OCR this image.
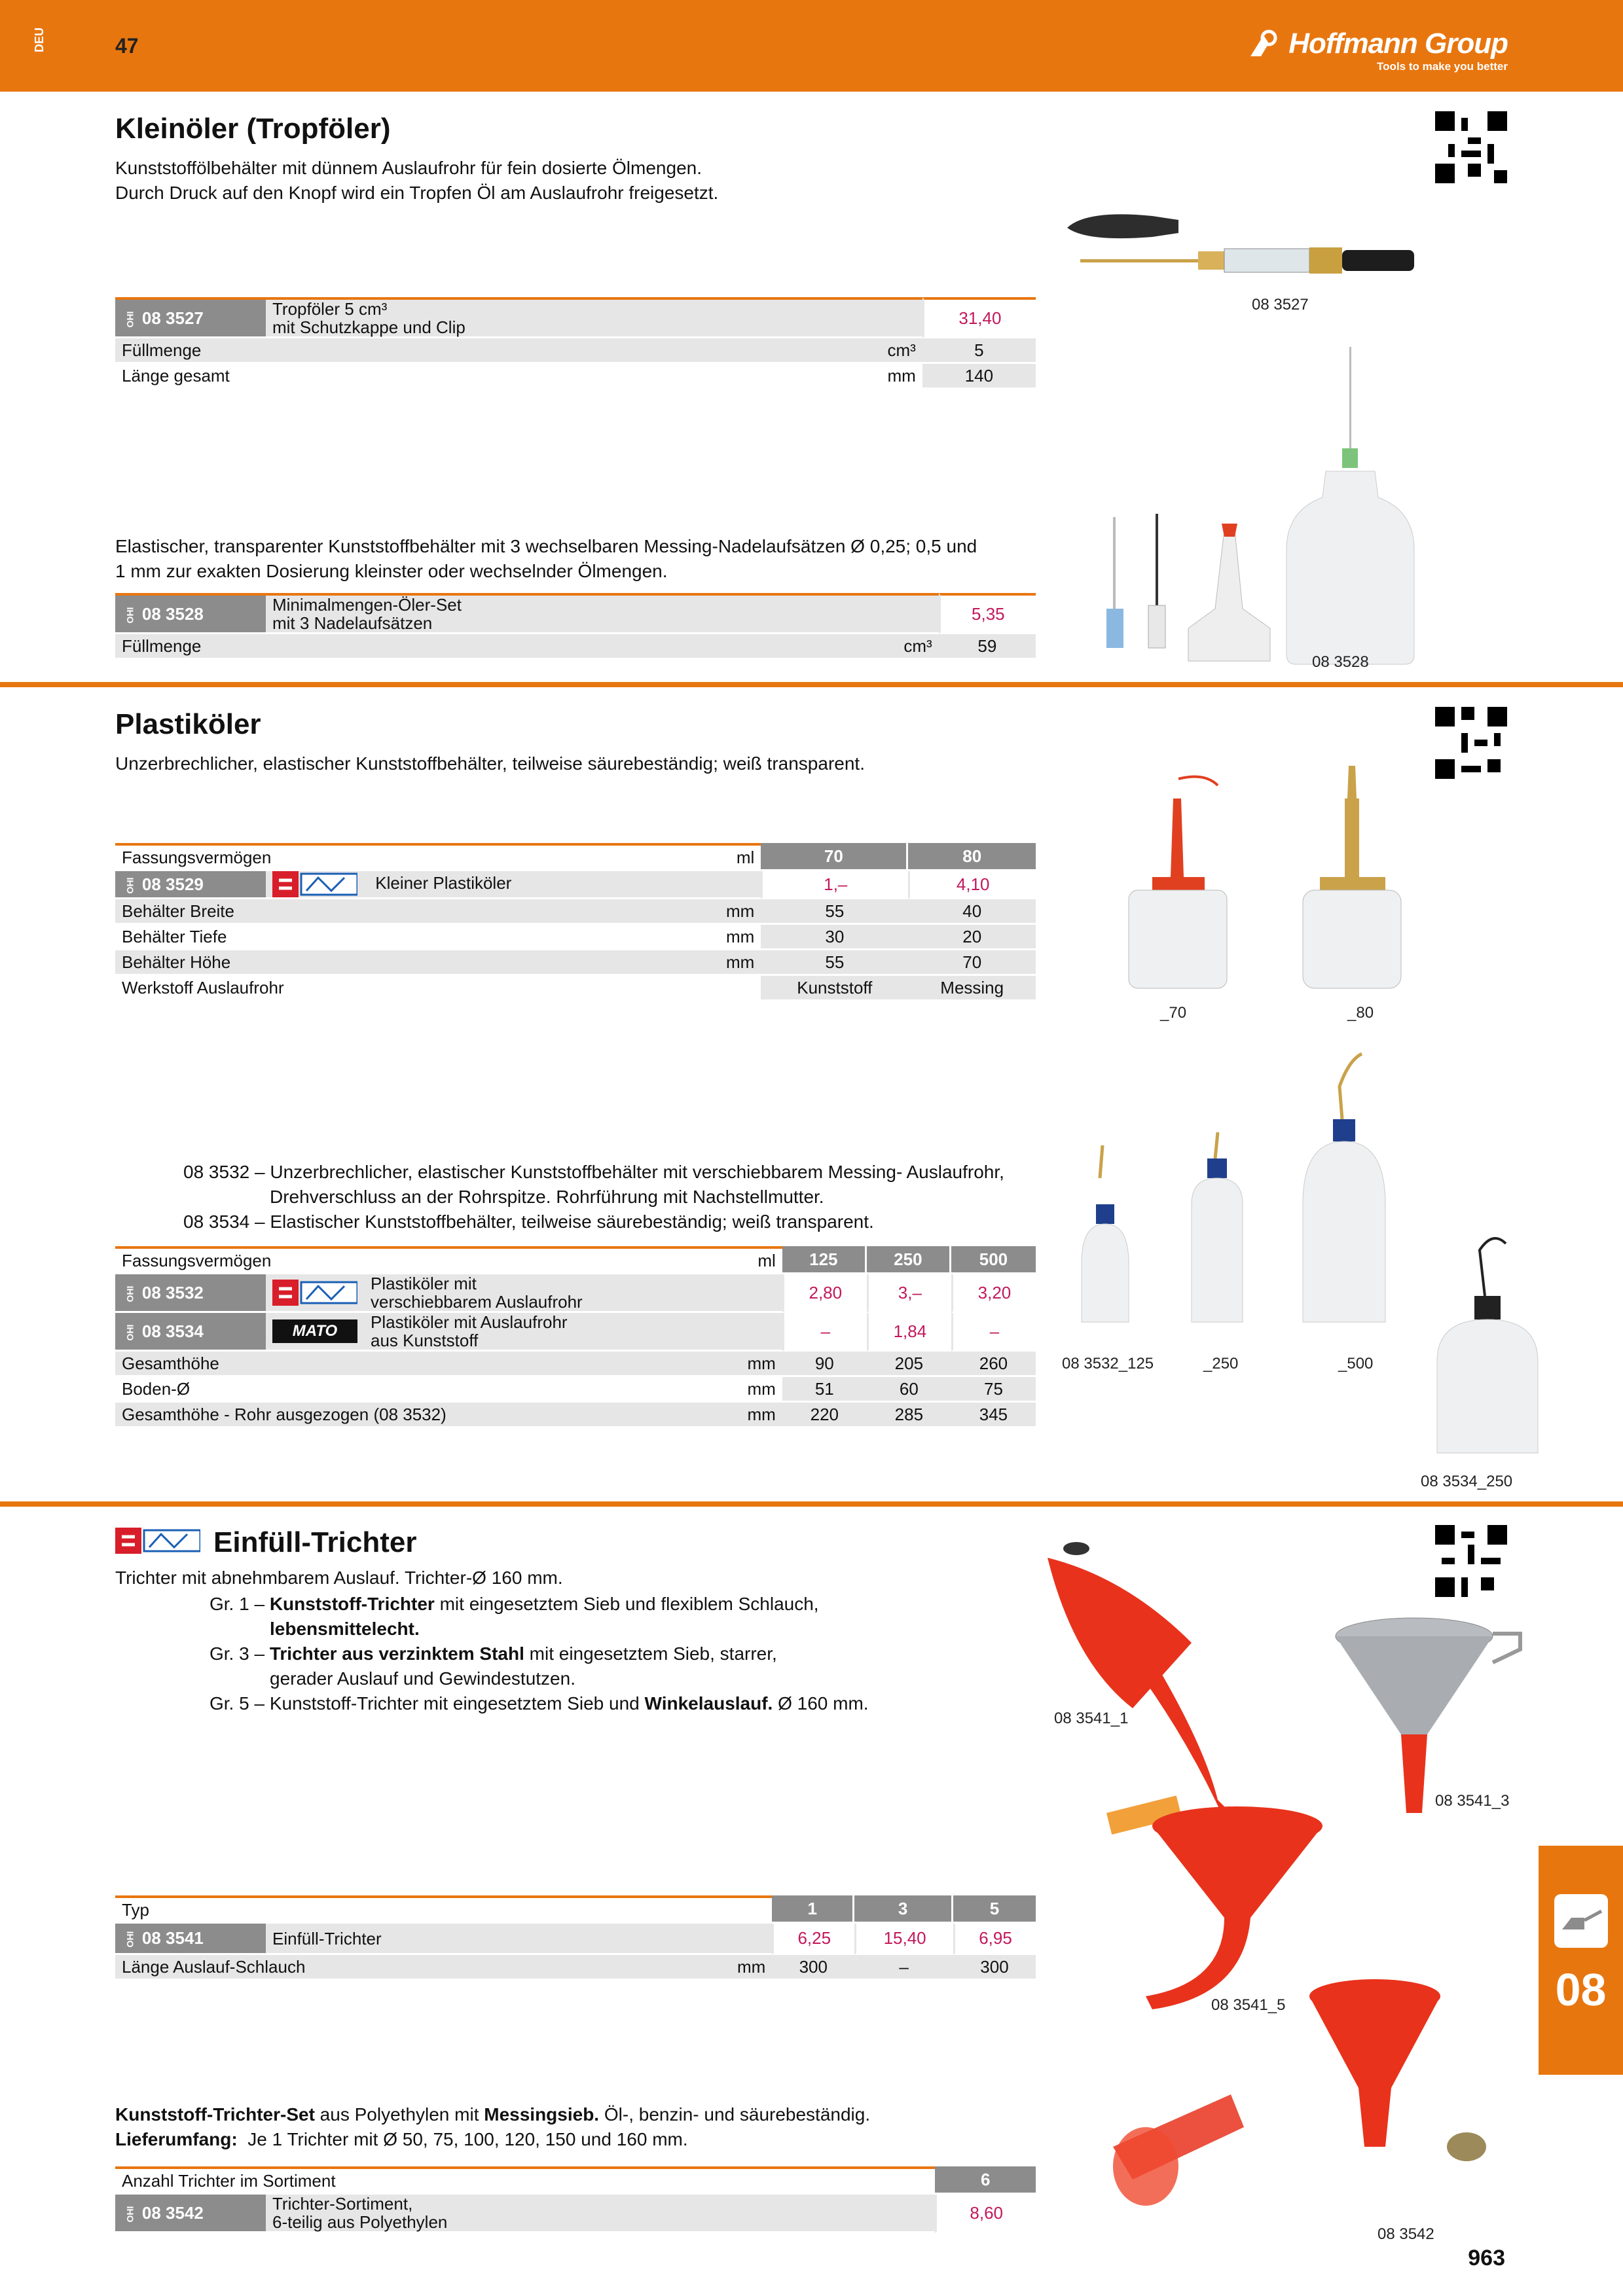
DEU	47	Hoffmann Group
Tools to make you better
Kleinöler (Tropföler)
Kunststoffölbehälter mit dünnem Auslaufrohr für fein dosierte Ölmengen.
Durch Druck auf den Knopf wird ein Tropfen Öl am Auslaufrohr freigesetzt.
08 3527
OHI 08 3527	Tropföler 5 cm³
mit Schutzkappe und Clip	31,40
Füllmenge	cm³	5
Länge gesamt	mm	140
Elastischer, transparenter Kunststoffbehälter mit 3 wechselbaren Messing-Nadelaufsätzen Ø 0,25; 0,5 und
1 mm zur exakten Dosierung kleinster oder wechselnder Ölmengen.
08 3528
OHI 08 3528	Minimalmengen-Öler-Set
mit 3 Nadelaufsätzen	5,35
Füllmenge	cm³	59
Plastiköler
Unzerbrechlicher, elastischer Kunststoffbehälter, teilweise säurebeständig; weiß transparent.
_70	_80
Fassungsvermögen		ml	70	80
OHI 08 3529	Kleiner Plastiköler		1,–	4,10
Behälter Breite		mm	55	40
Behälter Tiefe		mm	30	20
Behälter Höhe		mm	55	70
Werkstoff Auslaufrohr			Kunststoff	Messing
08 3532 – Unzerbrechlicher, elastischer Kunststoffbehälter mit verschiebbarem Messing- Auslaufrohr,
Drehverschluss an der Rohrspitze. Rohrführung mit Nachstellmutter.
08 3534 – Elastischer Kunststoffbehälter, teilweise säurebeständig; weiß transparent.
08 3532_125	_250	_500
08 3534_250
Fassungsvermögen		ml	125	250	500
OHI 08 3532	Plastiköler mit
verschiebbarem Auslaufrohr		2,80	3,–	3,20
OHI 08 3534	MATO Plastiköler mit Auslaufrohr
aus Kunststoff		–	1,84	–
Gesamthöhe		mm	90	205	260
Boden-Ø		mm	51	60	75
Gesamthöhe - Rohr ausgezogen (08 3532)		mm	220	285	345
Einfüll-Trichter
Trichter mit abnehmbarem Auslauf. Trichter-Ø 160 mm.
Gr. 1 – Kunststoff-Trichter mit eingesetztem Sieb und flexiblem Schlauch,
lebensmittelecht.
Gr. 3 – Trichter aus verzinktem Stahl mit eingesetztem Sieb, starrer,
gerader Auslauf und Gewindestutzen.
Gr. 5 – Kunststoff-Trichter mit eingesetztem Sieb und Winkelauslauf. Ø 160 mm.
08 3541_1
08 3541_3
08 3541_5
new
Typ			1	3	5
OHI 08 3541	Einfüll-Trichter		6,25	15,40	6,95
Länge Auslauf-Schlauch		mm	300	–	300
Kunststoff-Trichter-Set aus Polyethylen mit Messingsieb. Öl-, benzin- und säurebeständig.
Lieferumfang: Je 1 Trichter mit Ø 50, 75, 100, 120, 150 und 160 mm.
Anzahl Trichter im Sortiment		6
OHI 08 3542	Trichter-Sortiment,
6-teilig aus Polyethylen	8,60
08 3542
08
963
